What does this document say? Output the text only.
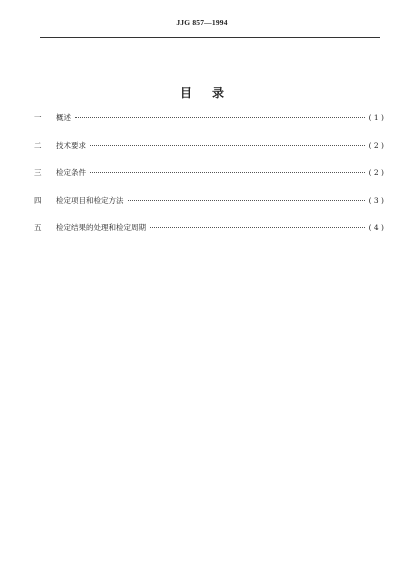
JJG 857—1994
目 录
一	概述	( 1 )
二	技术要求	( 2 )
三	检定条件	( 2 )
四	检定项目和检定方法	( 3 )
五	检定结果的处理和检定周期	( 4 )
